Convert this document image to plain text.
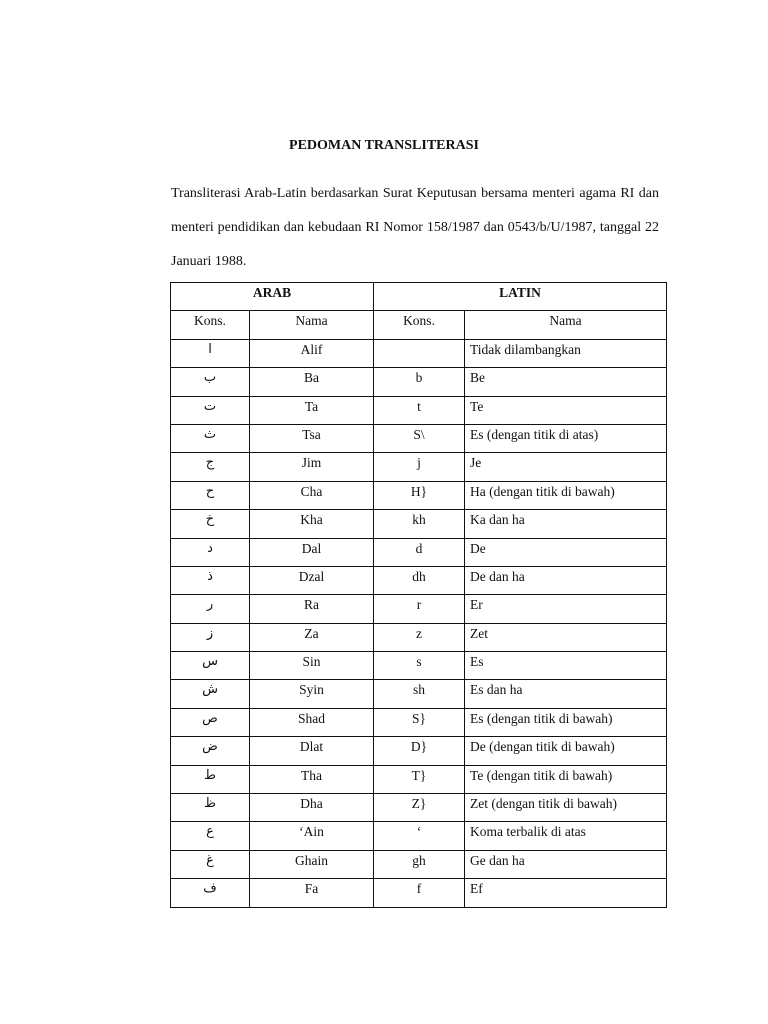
PEDOMAN TRANSLITERASI

Transliterasi Arab-Latin berdasarkan Surat Keputusan bersama menteri agama RI dan menteri pendidikan dan kebudaan RI Nomor 158/1987 dan 0543/b/U/1987, tanggal 22 Januari 1988.

ARAB		LATIN	
Kons.	Nama	Kons.	Nama
ا	Alif		Tidak dilambangkan
ب	Ba	b	Be
ت	Ta	t	Te
ث	Tsa	S\	Es (dengan titik di atas)
ج	Jim	j	Je
ح	Cha	H}	Ha (dengan titik di bawah)
خ	Kha	kh	Ka dan ha
د	Dal	d	De
ذ	Dzal	dh	De dan ha
ر	Ra	r	Er
ز	Za	z	Zet
س	Sin	s	Es
ش	Syin	sh	Es dan ha
ص	Shad	S}	Es (dengan titik di bawah)
ض	Dlat	D}	De (dengan titik di bawah)
ط	Tha	T}	Te (dengan titik di bawah)
ظ	Dha	Z}	Zet (dengan titik di bawah)
ع	‘Ain	‘	Koma terbalik di atas
غ	Ghain	gh	Ge dan ha
ف	Fa	f	Ef
